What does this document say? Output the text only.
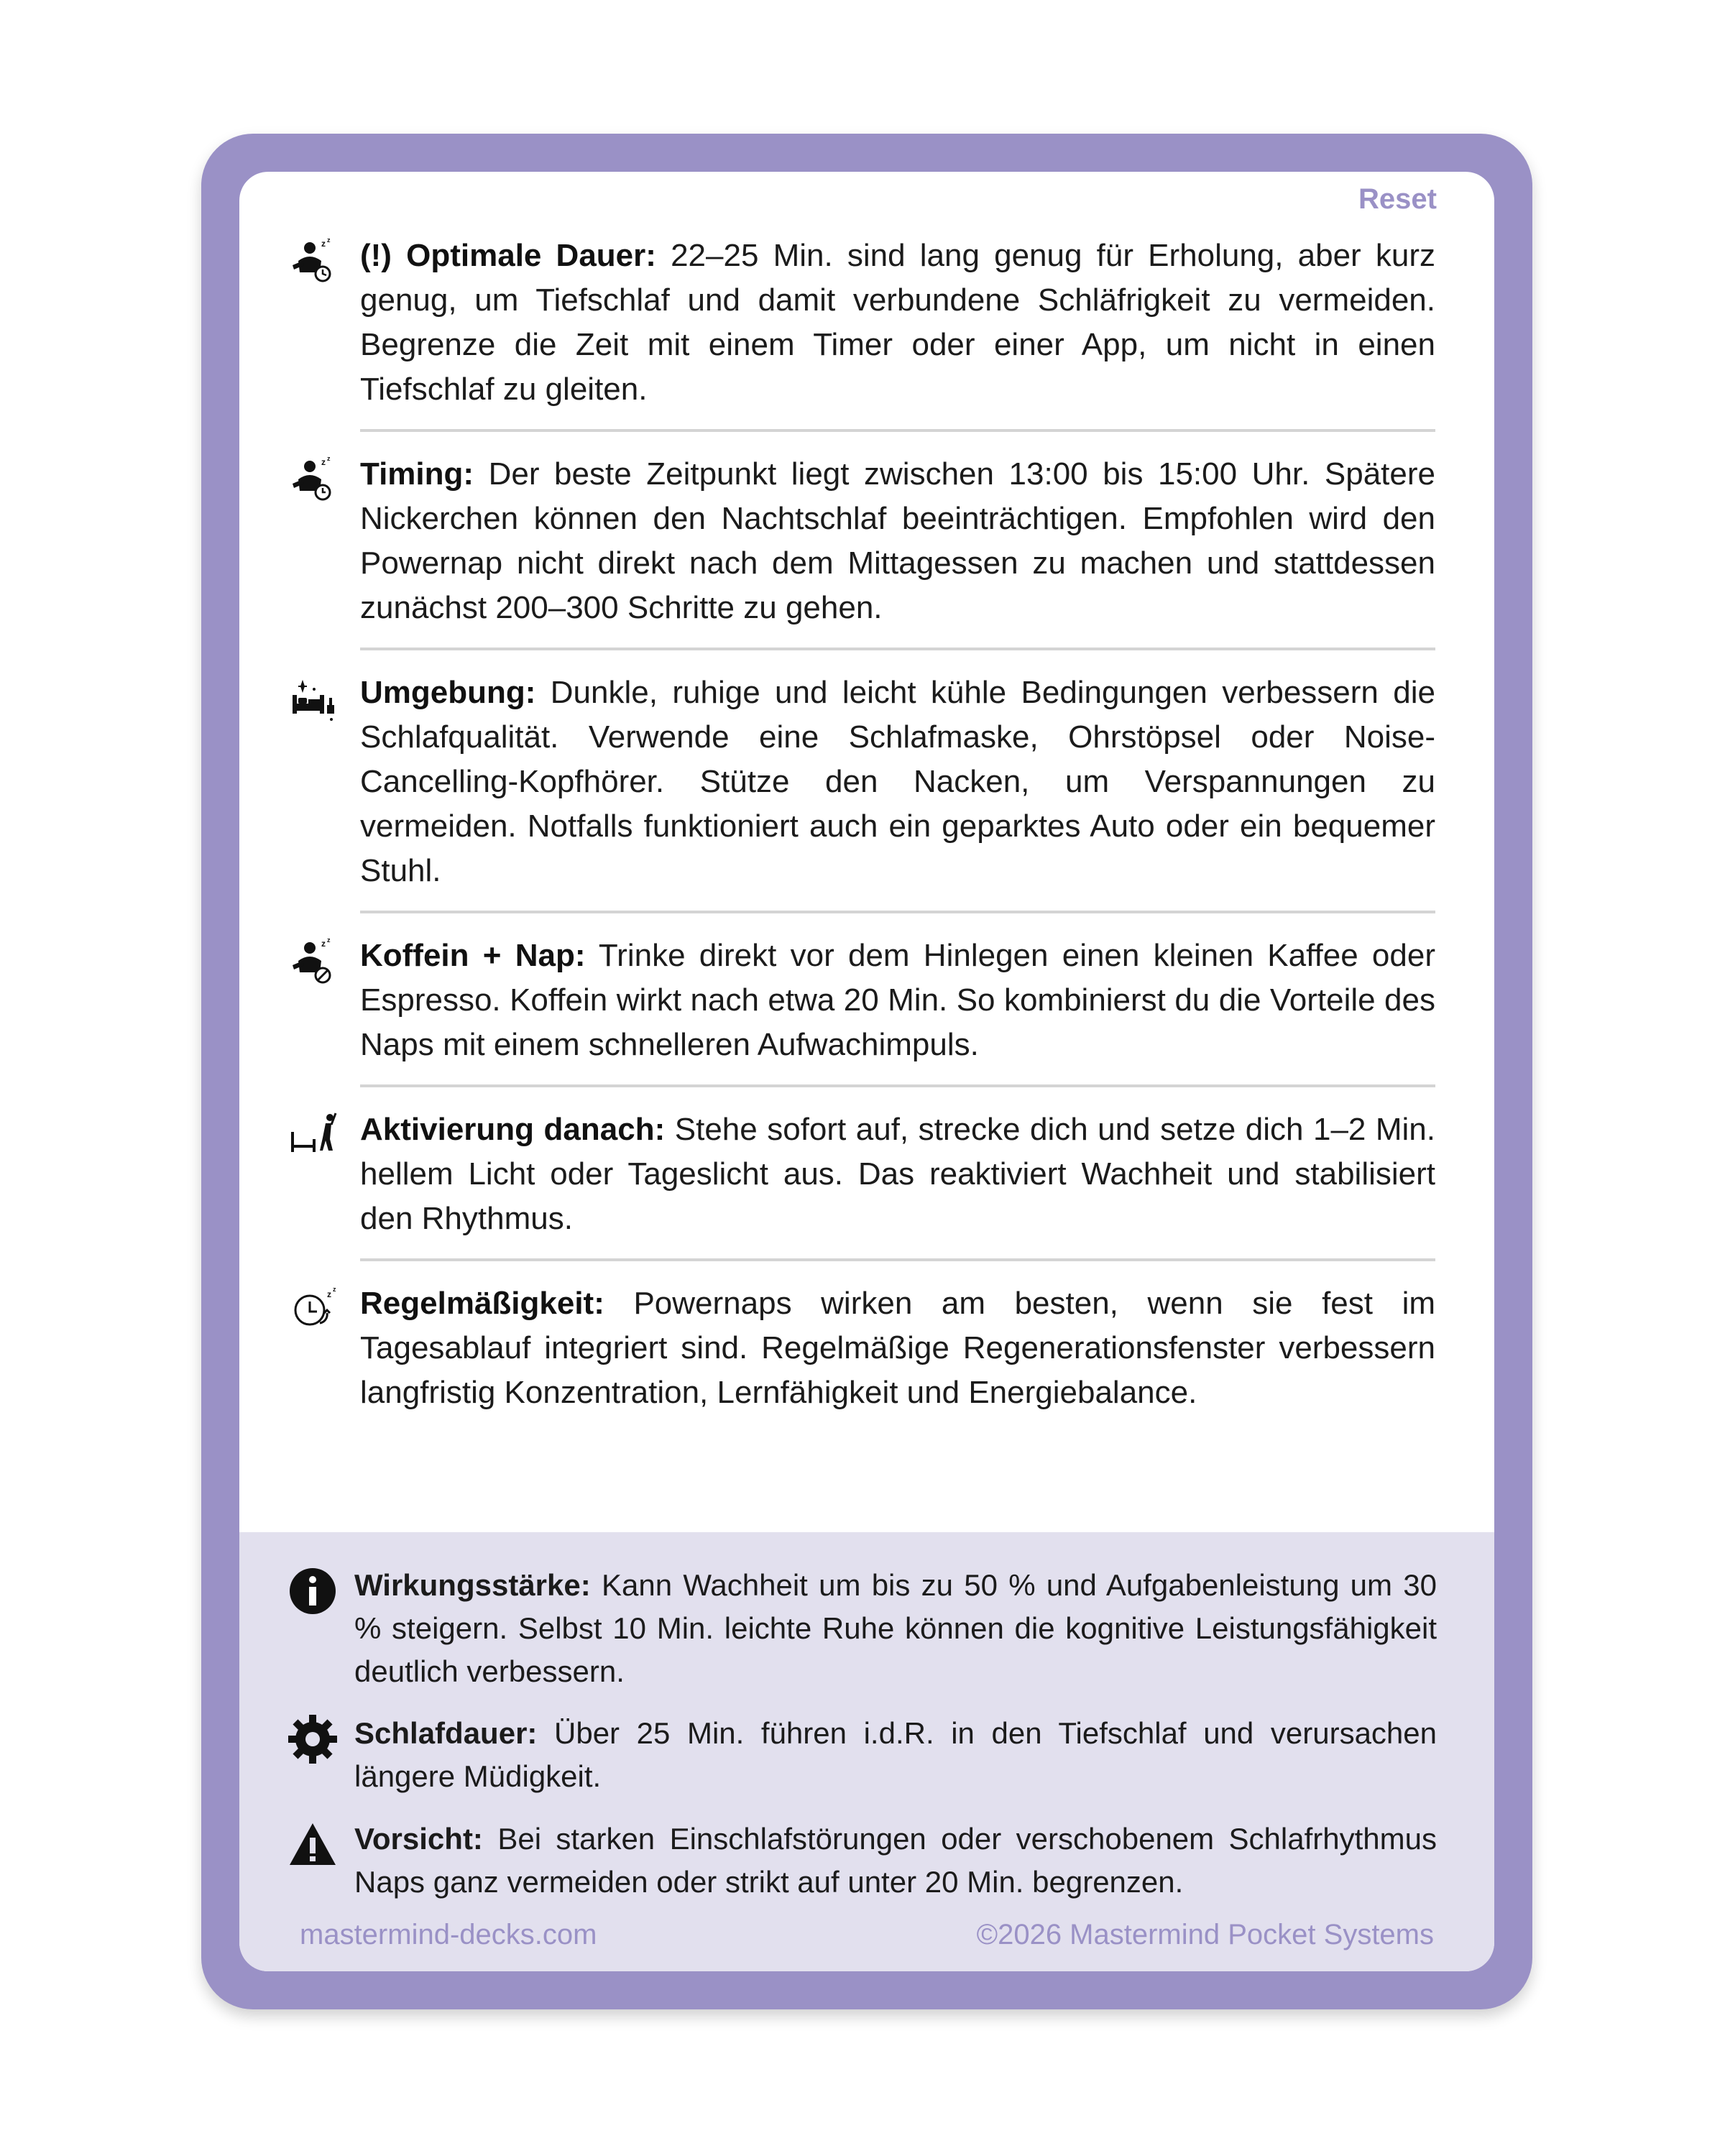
Reset
z z (!) Optimale Dauer: 22–25 Min. sind lang genug für Erholung, aber kurz genug, um Tiefschlaf und damit verbundene Schläfrigkeit zu vermeiden. Begrenze die Zeit mit einem Timer oder einer App, um nicht in einen Tiefschlaf zu gleiten.
z z Timing: Der beste Zeitpunkt liegt zwischen 13:00 bis 15:00 Uhr. Spätere Nickerchen können den Nachtschlaf beeinträchtigen. Empfohlen wird den Powernap nicht direkt nach dem Mittagessen zu machen und stattdessen zunächst 200–300 Schritte zu gehen.
Umgebung: Dunkle, ruhige und leicht kühle Bedingungen verbessern die Schlafqualität. Verwende eine Schlafmaske, Ohrstöpsel oder Noise-Cancelling-Kopfhörer. Stütze den Nacken, um Verspannungen zu vermeiden. Notfalls funktioniert auch ein geparktes Auto oder ein bequemer Stuhl.
z z Koffein + Nap: Trinke direkt vor dem Hinlegen einen kleinen Kaffee oder Espresso. Koffein wirkt nach etwa 20 Min. So kombinierst du die Vorteile des Naps mit einem schnelleren Aufwachimpuls.
Aktivierung danach: Stehe sofort auf, strecke dich und setze dich 1–2 Min. hellem Licht oder Tageslicht aus. Das reaktiviert Wachheit und stabilisiert den Rhythmus.
z z Regelmäßigkeit: Powernaps wirken am besten, wenn sie fest im Tagesablauf integriert sind. Regelmäßige Regenerationsfenster verbessern langfristig Konzentration, Lernfähigkeit und Energiebalance.
Wirkungsstärke: Kann Wachheit um bis zu 50 % und Aufgabenleistung um 30 % steigern. Selbst 10 Min. leichte Ruhe können die kognitive Leistungsfähigkeit deutlich verbessern.
Schlafdauer: Über 25 Min. führen i.d.R. in den Tiefschlaf und verursachen längere Müdigkeit.
Vorsicht: Bei starken Einschlafstörungen oder verschobenem Schlafrhythmus Naps ganz vermeiden oder strikt auf unter 20 Min. begrenzen.
mastermind-decks.com	©2026 Mastermind Pocket Systems
